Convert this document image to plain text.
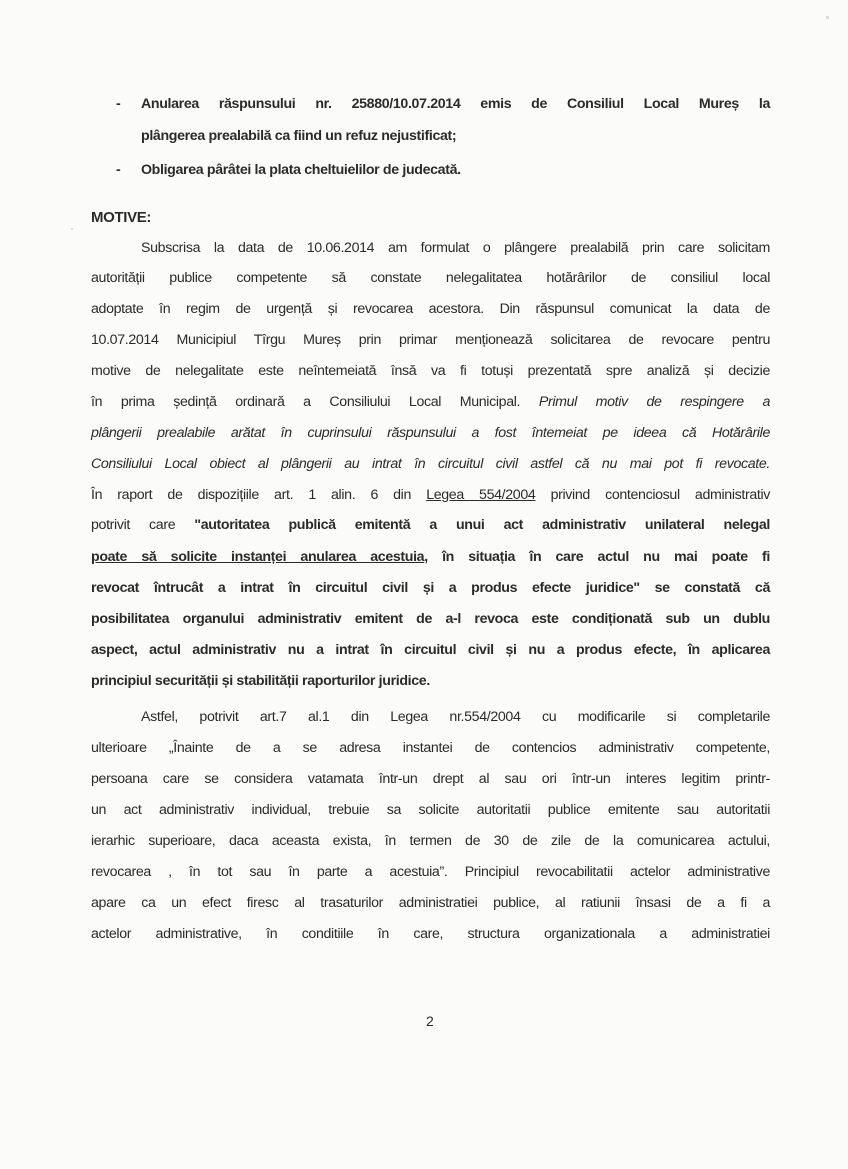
- Anularea răspunsului nr. 25880/10.07.2014 emis de Consiliul Local Mureș la
plângerea prealabilă ca fiind un refuz nejustificat;
- Obligarea pârâtei la plata cheltuielilor de judecată.
MOTIVE:
Subscrisa la data de 10.06.2014 am formulat o plângere prealabilă prin care solicitam
autorității publice competente să constate nelegalitatea hotărârilor de consiliul local
adoptate în regim de urgență și revocarea acestora. Din răspunsul comunicat la data de
10.07.2014 Municipiul Tîrgu Mureș prin primar menționează solicitarea de revocare pentru
motive de nelegalitate este neîntemeiată însă va fi totuși prezentată spre analiză și decizie
în prima ședință ordinară a Consiliului Local Municipal. Primul motiv de respingere a
plângerii prealabile arătat în cuprinsului răspunsului a fost întemeiat pe ideea că Hotărârile
Consiliului Local obiect al plângerii au intrat în circuitul civil astfel că nu mai pot fi revocate.
În raport de dispozițiile art. 1 alin. 6 din Legea 554/2004 privind contenciosul administrativ
potrivit care "autoritatea publică emitentă a unui act administrativ unilateral nelegal
poate să solicite instanței anularea acestuia, în situația în care actul nu mai poate fi
revocat întrucât a intrat în circuitul civil și a produs efecte juridice" se constată că
posibilitatea organului administrativ emitent de a-l revoca este condiționată sub un dublu
aspect, actul administrativ nu a intrat în circuitul civil și nu a produs efecte, în aplicarea
principiul securității și stabilității raporturilor juridice.
Astfel, potrivit art.7 al.1 din Legea nr.554/2004 cu modificarile si completarile
ulterioare „Înainte de a se adresa instantei de contencios administrativ competente,
persoana care se considera vatamata într-un drept al sau ori într-un interes legitim printr-
un act administrativ individual, trebuie sa solicite autoritatii publice emitente sau autoritatii
ierarhic superioare, daca aceasta exista, în termen de 30 de zile de la comunicarea actului,
revocarea , în tot sau în parte a acestuia”. Principiul revocabilitatii actelor administrative
apare ca un efect firesc al trasaturilor administratiei publice, al ratiunii însasi de a fi a
actelor administrative, în conditiile în care, structura organizationala a administratiei
2
